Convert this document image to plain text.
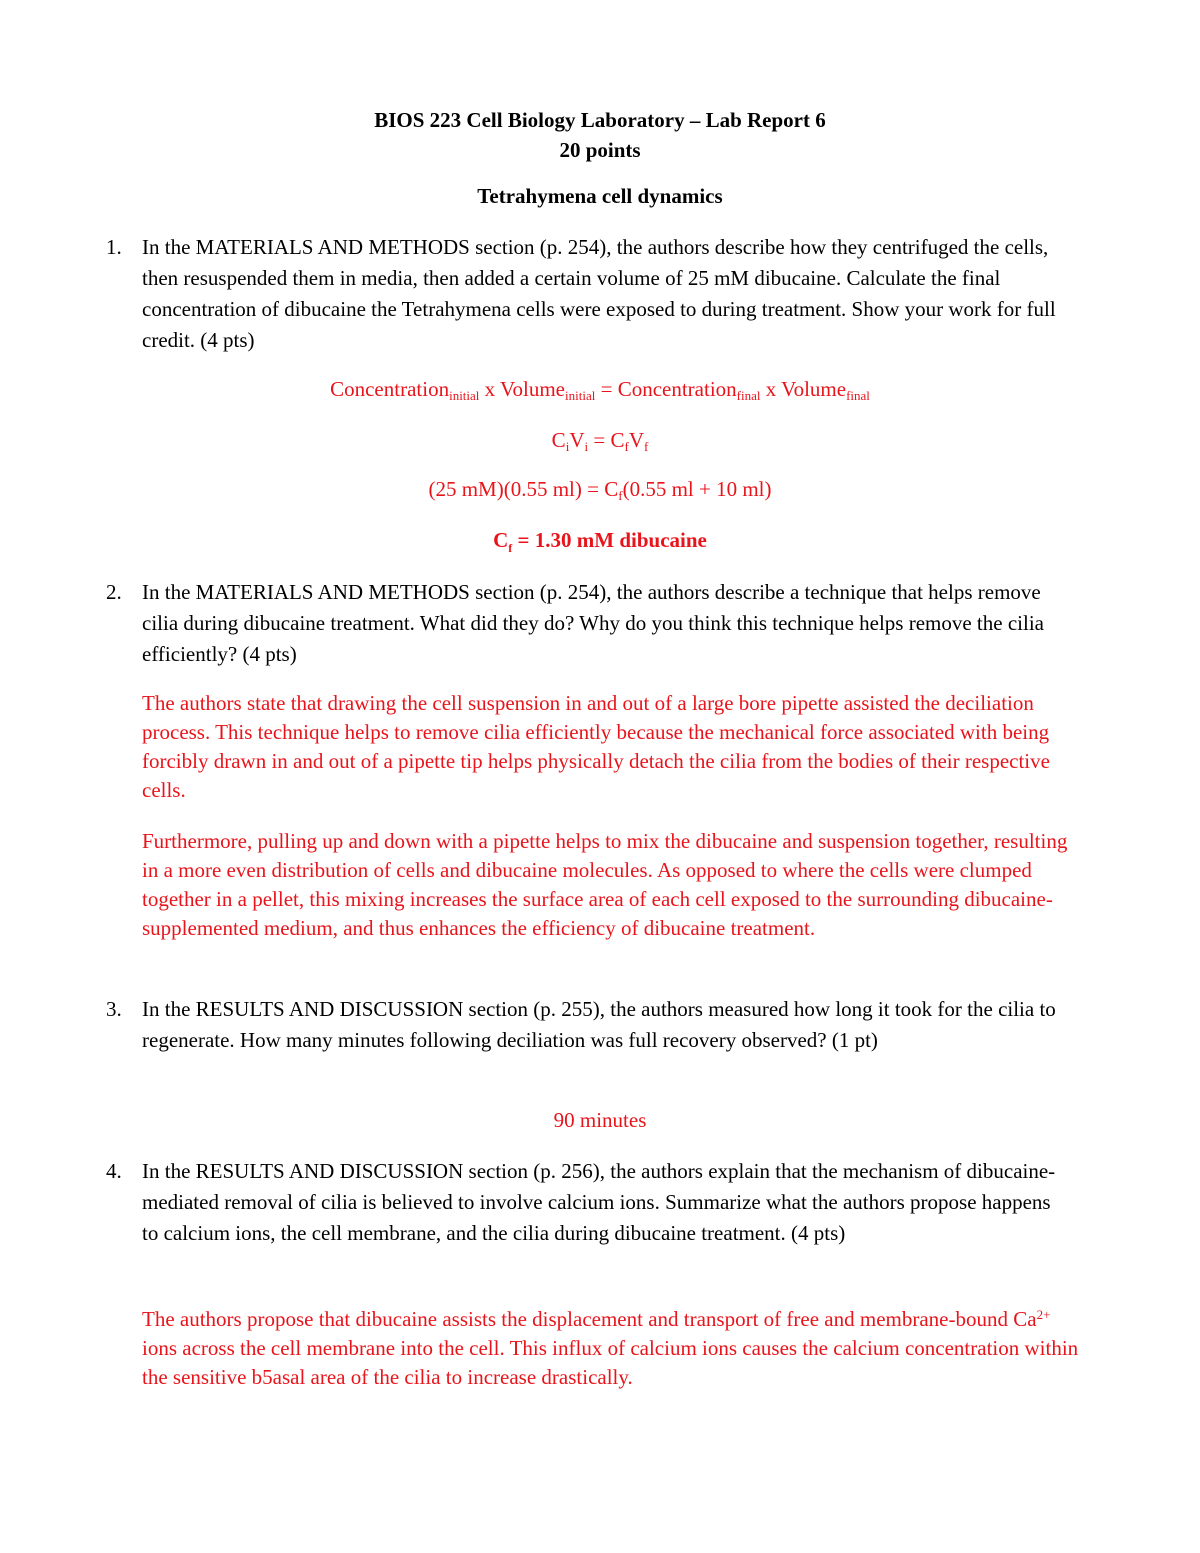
BIOS 223 Cell Biology Laboratory – Lab Report 6
20 points
Tetrahymena cell dynamics
1. In the MATERIALS AND METHODS section (p. 254), the authors describe how they centrifuged the cells, then resuspended them in media, then added a certain volume of 25 mM dibucaine. Calculate the final concentration of dibucaine the Tetrahymena cells were exposed to during treatment. Show your work for full credit. (4 pts)
Concentration$_{initial}$ x Volume$_{initial}$ = Concentration$_{final}$ x Volume$_{final}$
$C_iV_i = C_fV_f$
(25 mM)(0.55 $ml) = C_f(0.55$ ml + 10 ml)
$C_f = 1.30$ mM dibucaine
2. In the MATERIALS AND METHODS section (p. 254), the authors describe a technique that helps remove cilia during dibucaine treatment. What did they do? Why do you think this technique helps remove the cilia efficiently? (4 pts)
The authors state that drawing the cell suspension in and out of a large bore pipette assisted the deciliation process. This technique helps to remove cilia efficiently because the mechanical force associated with being forcibly drawn in and out of a pipette tip helps physically detach the cilia from the bodies of their respective cells.
Furthermore, pulling up and down with a pipette helps to mix the dibucaine and suspension together, resulting in a more even distribution of cells and dibucaine molecules. As opposed to where the cells were clumped together in a pellet, this mixing increases the surface area of each cell exposed to the surrounding dibucaine-supplemented medium, and thus enhances the efficiency of dibucaine treatment.
3. In the RESULTS AND DISCUSSION section (p. 255), the authors measured how long it took for the cilia to regenerate. How many minutes following deciliation was full recovery observed? (1 pt)
90 minutes
4. In the RESULTS AND DISCUSSION section (p. 256), the authors explain that the mechanism of dibucaine-mediated removal of cilia is believed to involve calcium ions. Summarize what the authors propose happens to calcium ions, the cell membrane, and the cilia during dibucaine treatment. (4 pts)
The authors propose that dibucaine assists the displacement and transport of free and membrane-bound $Ca^{2+}$ ions across the cell membrane into the cell. This influx of calcium ions causes the calcium concentration within the sensitive b5asal area of the cilia to increase drastically.
